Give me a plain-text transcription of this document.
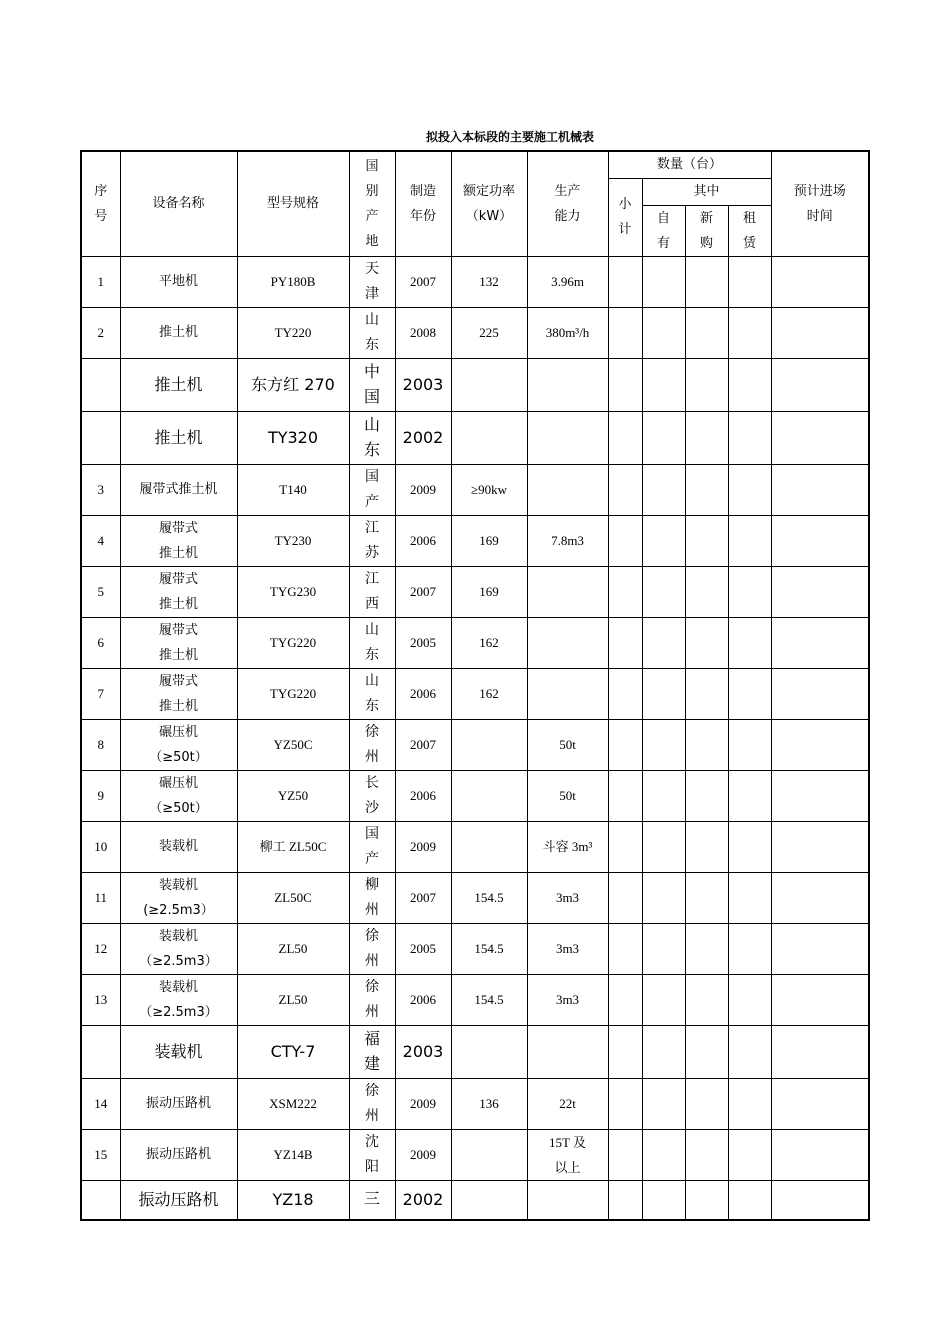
拟投入本标段的主要施工机械表
序号	设备名称	型号规格	国别产地	制造年份	额定功率（kW）	生产能力	数量（台）				预计进场时间
							小计	其中			
								自有	新购	租赁	
1	平地机	PY180B	天津	2007	132	3.96m					

2	推土机	TY220	山东	2008	225	380m³/h					

	推土机	东方红 270	中国	2003		

	推土机	TY320	山东	2002		

3	履带式推土机	T140	国产	2009	≥90kw	

4	履带式
推土机	TY230	江苏	2006	169	7.8m3					

5	履带式
推土机	TYG230	江西	2007	169	

6	履带式
推土机	TYG220	山东	2005	162	

7	履带式
推土机	TYG220	山东	2006	162	

8	碾压机
（≥50t）	YZ50C	徐州	2007		50t					

9	碾压机
（≥50t）	YZ50	长沙	2006		50t					

10	装载机	柳工 ZL50C	国产	2009		斗容 3m³					

11	装载机
(≥2.5m3）	ZL50C	柳州	2007	154.5	3m3					

12	装载机
（≥2.5m3）	ZL50	徐州	2005	154.5	3m3					

13	装载机
（≥2.5m3）	ZL50	徐州	2006	154.5	3m3					

	装载机	CTY-7	福建	2003		

14	振动压路机	XSM222	徐州	2009	136	22t					

15	振动压路机	YZ14B	沈阳	2009		15T 及
以上					

	振动压路机	YZ18	三	2002		
